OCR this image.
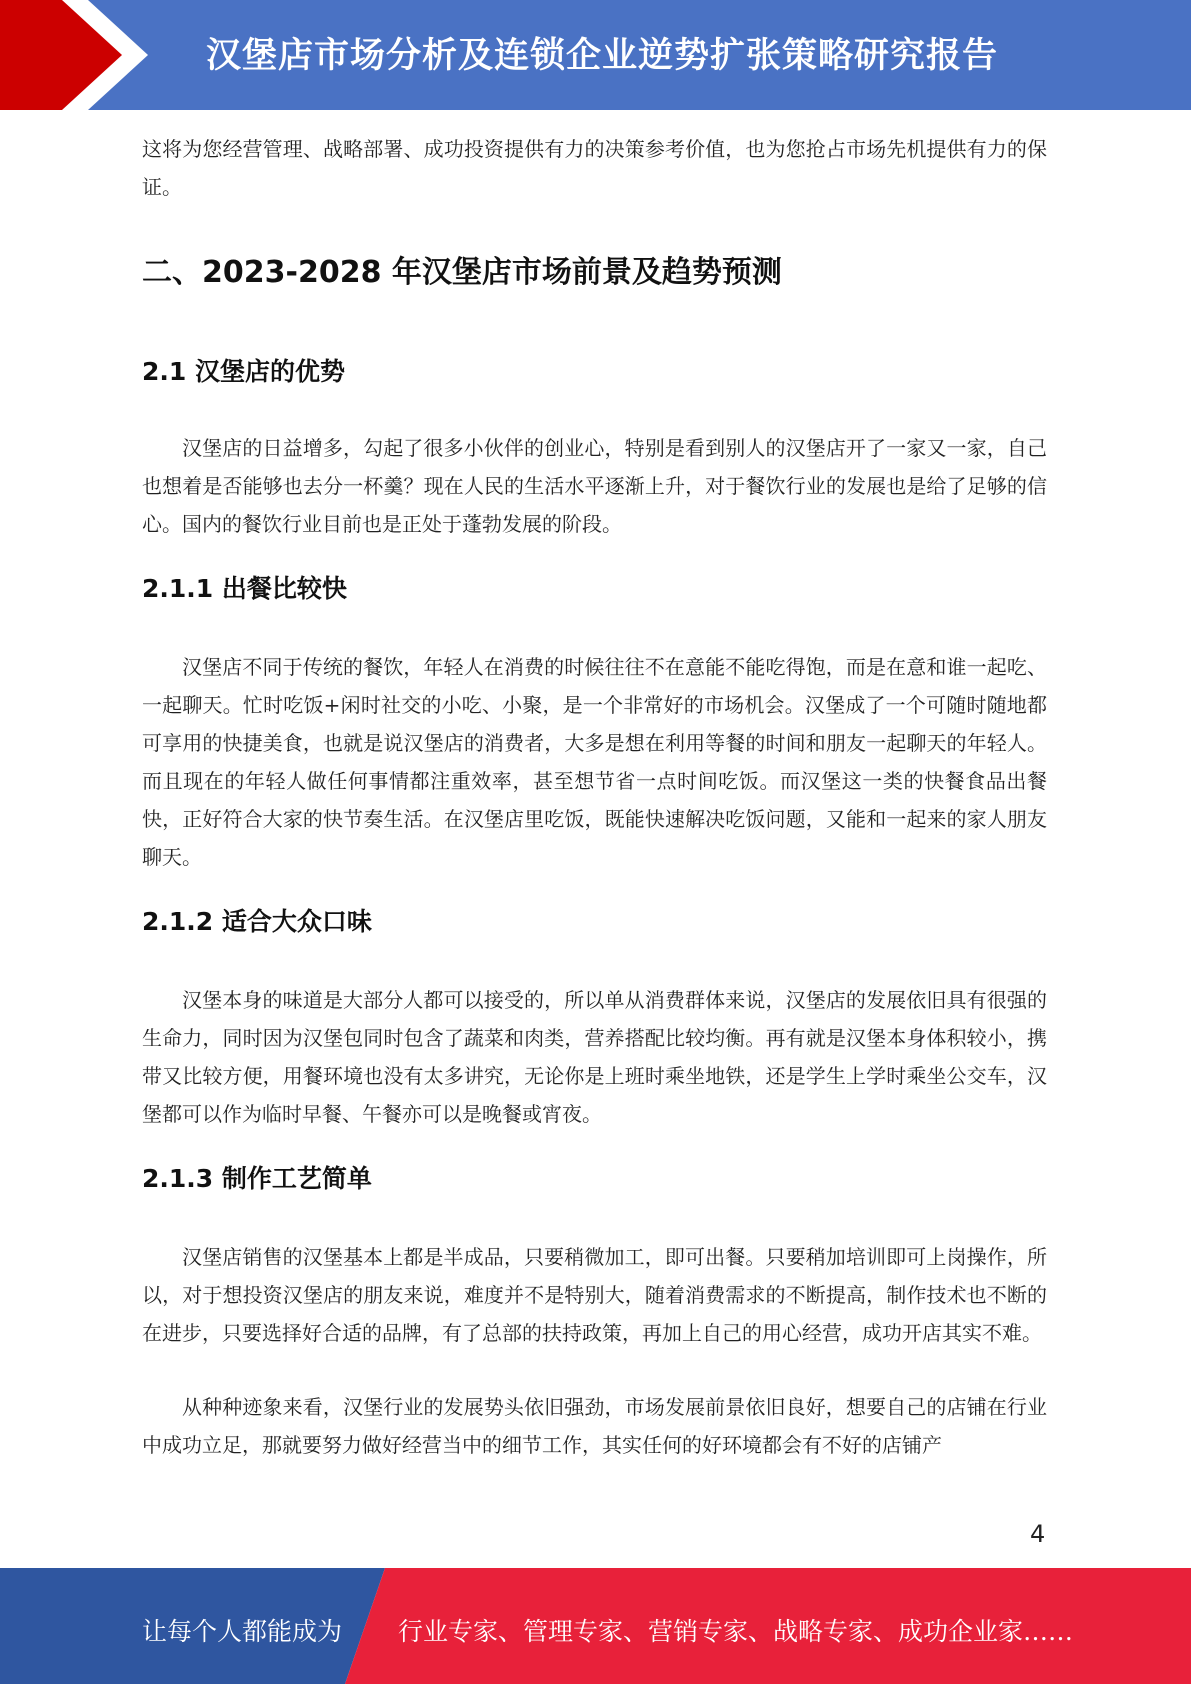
汉堡店市场分析及连锁企业逆势扩张策略研究报告

这将为您经营管理、战略部署、成功投资提供有力的决策参考价值，也为您抢占市场先机提供有力的保证。

二、2023-2028 年汉堡店市场前景及趋势预测
2.1 汉堡店的优势

汉堡店的日益增多，勾起了很多小伙伴的创业心，特别是看到别人的汉堡店开了一家又一家，自己也想着是否能够也去分一杯羹？现在人民的生活水平逐渐上升，对于餐饮行业的发展也是给了足够的信心。国内的餐饮行业目前也是正处于蓬勃发展的阶段。

2.1.1 出餐比较快

汉堡店不同于传统的餐饮，年轻人在消费的时候往往不在意能不能吃得饱，而是在意和谁一起吃、一起聊天。忙时吃饭+闲时社交的小吃、小聚，是一个非常好的市场机会。汉堡成了一个可随时随地都可享用的快捷美食，也就是说汉堡店的消费者，大多是想在利用等餐的时间和朋友一起聊天的年轻人。而且现在的年轻人做任何事情都注重效率，甚至想节省一点时间吃饭。而汉堡这一类的快餐食品出餐快，正好符合大家的快节奏生活。在汉堡店里吃饭，既能快速解决吃饭问题，又能和一起来的家人朋友聊天。

2.1.2 适合大众口味

汉堡本身的味道是大部分人都可以接受的，所以单从消费群体来说，汉堡店的发展依旧具有很强的生命力，同时因为汉堡包同时包含了蔬菜和肉类，营养搭配比较均衡。再有就是汉堡本身体积较小，携带又比较方便，用餐环境也没有太多讲究，无论你是上班时乘坐地铁，还是学生上学时乘坐公交车，汉堡都可以作为临时早餐、午餐亦可以是晚餐或宵夜。

2.1.3 制作工艺简单

汉堡店销售的汉堡基本上都是半成品，只要稍微加工，即可出餐。只要稍加培训即可上岗操作，所以，对于想投资汉堡店的朋友来说，难度并不是特别大，随着消费需求的不断提高，制作技术也不断的在进步，只要选择好合适的品牌，有了总部的扶持政策，再加上自己的用心经营，成功开店其实不难。

从种种迹象来看，汉堡行业的发展势头依旧强劲，市场发展前景依旧良好，想要自己的店铺在行业中成功立足，那就要努力做好经营当中的细节工作，其实任何的好环境都会有不好的店铺产

4
让每个人都能成为 行业专家、管理专家、营销专家、战略专家、成功企业家……
